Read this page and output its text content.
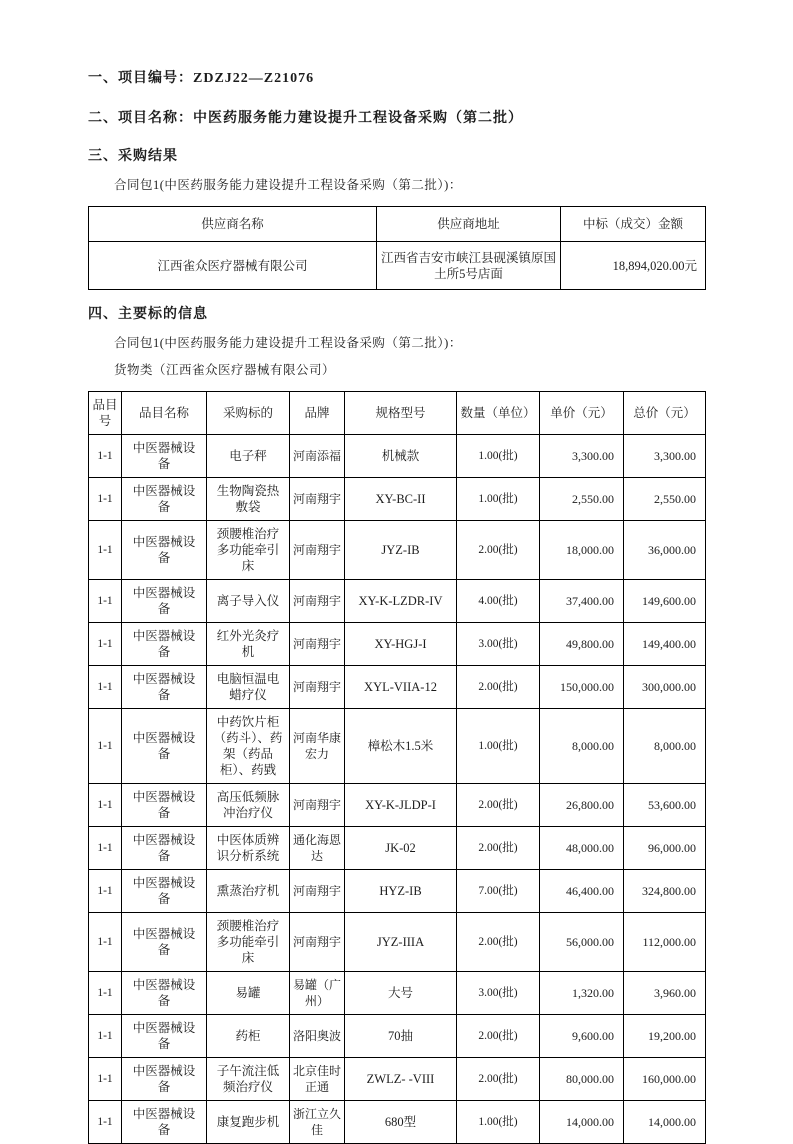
一、项目编号：ZDZJ22—Z21076
二、项目名称：中医药服务能力建设提升工程设备采购（第二批）
三、采购结果
合同包1(中医药服务能力建设提升工程设备采购（第二批）)：
供应商名称	供应商地址	中标（成交）金额
江西雀众医疗器械有限公司	江西省吉安市峡江县砚溪镇原国土所5号店面	18,894,020.00元
四、主要标的信息
合同包1(中医药服务能力建设提升工程设备采购（第二批）)：
货物类（江西雀众医疗器械有限公司）
品目号	品目名称	采购标的	品牌	规格型号	数量（单位）	单价（元）	总价（元）
1-1	中医器械设备	电子秤	河南添福	机械款	1.00(批)	3,300.00	3,300.00
1-1	中医器械设备	生物陶瓷热敷袋	河南翔宇	XY-BC-II	1.00(批)	2,550.00	2,550.00
1-1	中医器械设备	颈腰椎治疗多功能牵引床	河南翔宇	JYZ-IB	2.00(批)	18,000.00	36,000.00
1-1	中医器械设备	离子导入仪	河南翔宇	XY-K-LZDR-IV	4.00(批)	37,400.00	149,600.00
1-1	中医器械设备	红外光灸疗机	河南翔宇	XY-HGJ-I	3.00(批)	49,800.00	149,400.00
1-1	中医器械设备	电脑恒温电蜡疗仪	河南翔宇	XYL-VIIA-12	2.00(批)	150,000.00	300,000.00
1-1	中医器械设备	中药饮片柜（药斗）、药架（药品柜）、药戥	河南华康宏力	樟松木1.5米	1.00(批)	8,000.00	8,000.00
1-1	中医器械设备	高压低频脉冲治疗仪	河南翔宇	XY-K-JLDP-I	2.00(批)	26,800.00	53,600.00
1-1	中医器械设备	中医体质辨识分析系统	通化海恩达	JK-02	2.00(批)	48,000.00	96,000.00
1-1	中医器械设备	熏蒸治疗机	河南翔宇	HYZ-IB	7.00(批)	46,400.00	324,800.00
1-1	中医器械设备	颈腰椎治疗多功能牵引床	河南翔宇	JYZ-IIIA	2.00(批)	56,000.00	112,000.00
1-1	中医器械设备	易罐	易罐（广州）	大号	3.00(批)	1,320.00	3,960.00
1-1	中医器械设备	药柜	洛阳奥波	70抽	2.00(批)	9,600.00	19,200.00
1-1	中医器械设备	子午流注低频治疗仪	北京佳时正通	ZWLZ- -VIII	2.00(批)	80,000.00	160,000.00
1-1	中医器械设备	康复跑步机	浙江立久佳	680型	1.00(批)	14,000.00	14,000.00
